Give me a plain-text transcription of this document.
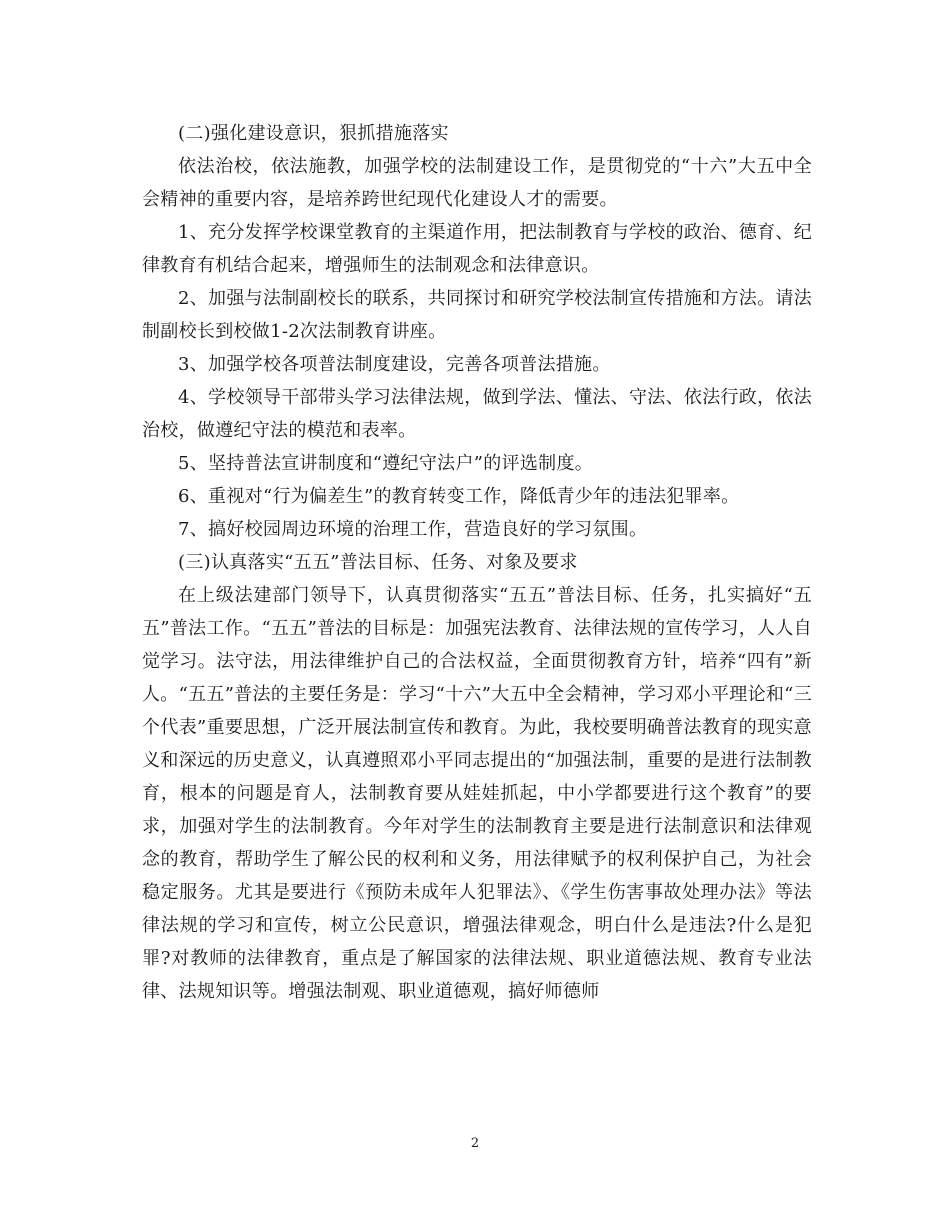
(二)强化建设意识，狠抓措施落实

依法治校，依法施教，加强学校的法制建设工作，是贯彻党的“十六”大五中全会精神的重要内容，是培养跨世纪现代化建设人才的需要。

1、充分发挥学校课堂教育的主渠道作用，把法制教育与学校的政治、德育、纪律教育有机结合起来，增强师生的法制观念和法律意识。

2、加强与法制副校长的联系，共同探讨和研究学校法制宣传措施和方法。请法制副校长到校做1-2次法制教育讲座。

3、加强学校各项普法制度建设，完善各项普法措施。

4、学校领导干部带头学习法律法规，做到学法、懂法、守法、依法行政，依法治校，做遵纪守法的模范和表率。

5、坚持普法宣讲制度和“遵纪守法户”的评选制度。

6、重视对“行为偏差生”的教育转变工作，降低青少年的违法犯罪率。

7、搞好校园周边环境的治理工作，营造良好的学习氛围。

(三)认真落实“五五”普法目标、任务、对象及要求

在上级法建部门领导下，认真贯彻落实“五五”普法目标、任务，扎实搞好“五五”普法工作。“五五”普法的目标是：加强宪法教育、法律法规的宣传学习，人人自觉学习。法守法，用法律维护自己的合法权益，全面贯彻教育方针，培养“四有”新人。“五五”普法的主要任务是：学习“十六”大五中全会精神，学习邓小平理论和“三个代表”重要思想，广泛开展法制宣传和教育。为此，我校要明确普法教育的现实意义和深远的历史意义，认真遵照邓小平同志提出的“加强法制，重要的是进行法制教育，根本的问题是育人，法制教育要从娃娃抓起，中小学都要进行这个教育”的要求，加强对学生的法制教育。今年对学生的法制教育主要是进行法制意识和法律观念的教育，帮助学生了解公民的权利和义务，用法律赋予的权利保护自己，为社会稳定服务。尤其是要进行《预防未成年人犯罪法》、《学生伤害事故处理办法》等法律法规的学习和宣传，树立公民意识，增强法律观念，明白什么是违法?什么是犯罪?对教师的法律教育，重点是了解国家的法律法规、职业道德法规、教育专业法律、法规知识等。增强法制观、职业道德观，搞好师德师

2
